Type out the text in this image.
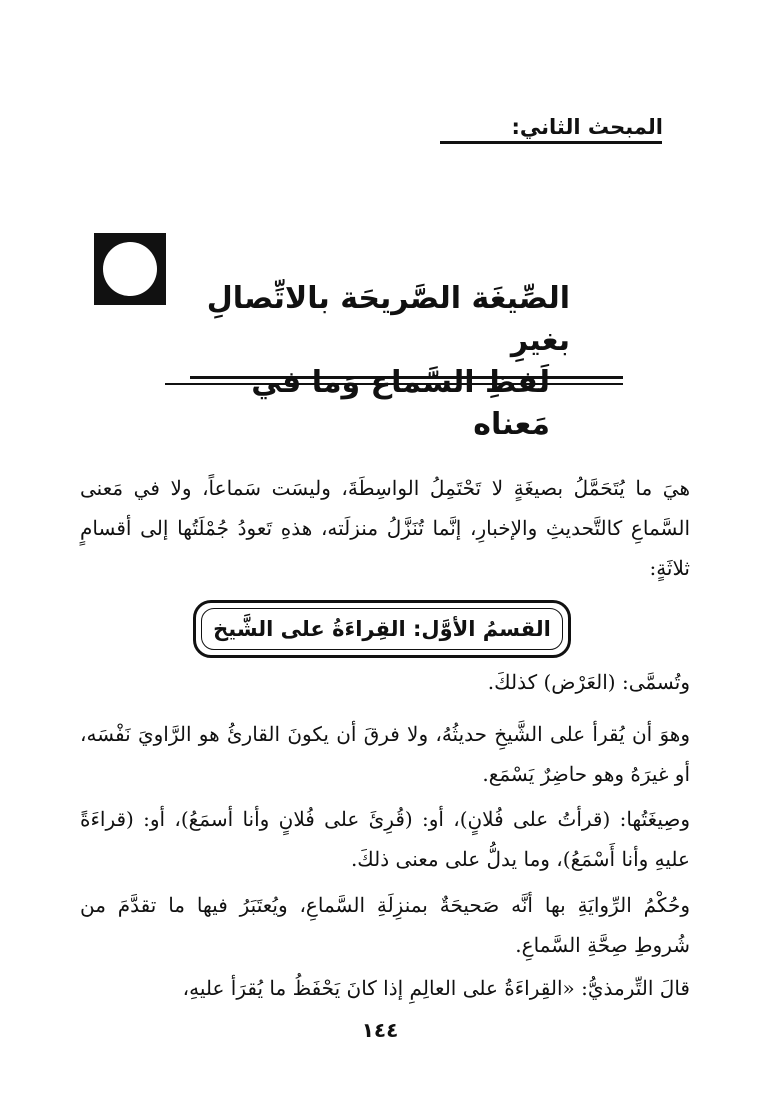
المبحث الثاني:
الصِّيغَة الصَّريحَة بالاتِّصالِ بغيرِ
مَعناه
هيَ ما يُتَحَمَّلُ بصيغَةٍ لا تَحْتَمِلُ الواسِطَةَ، وليسَت سَماعاً، ولا في مَعنى السَّماعِ كالتَّحديثِ والإخبارِ، إنَّما تُنَزَّلُ منزلَته، هذهِ تَعودُ جُمْلَتُها إلى أقسامٍ ثلاثَةٍ:
القسمُ الأوَّل: القِراءَةُ على الشَّيخ
وتُسمَّى: (العَرْض) كذلكَ.
وهوَ أن يُقرأ على الشَّيخِ حديثُهُ، ولا فرقَ أن يكونَ القارئُ هو الرَّاويَ نَفْسَه، أو غيرَهُ وهو حاضِرٌ يَسْمَع.
وصِيغَتُها: (قرأتُ على فُلانٍ)، أو: (قُرِئَ على فُلانٍ وأنا أسمَعُ)، أو: (قراءَةً عليهِ وأنا أَسْمَعُ)، وما يدلُّ على معنى ذلكَ.
وحُكْمُ الرِّوايَةِ بها أنَّه صَحيحَةٌ بمنزِلَةِ السَّماعِ، ويُعتَبَرُ فيها ما تقدَّمَ من شُروطِ صِحَّةِ السَّماعِ.
قالَ التِّرمذيُّ: «القِراءَةُ على العالِمِ إذا كانَ يَحْفَظُ ما يُقرَأ عليهِ،
١٤٤
